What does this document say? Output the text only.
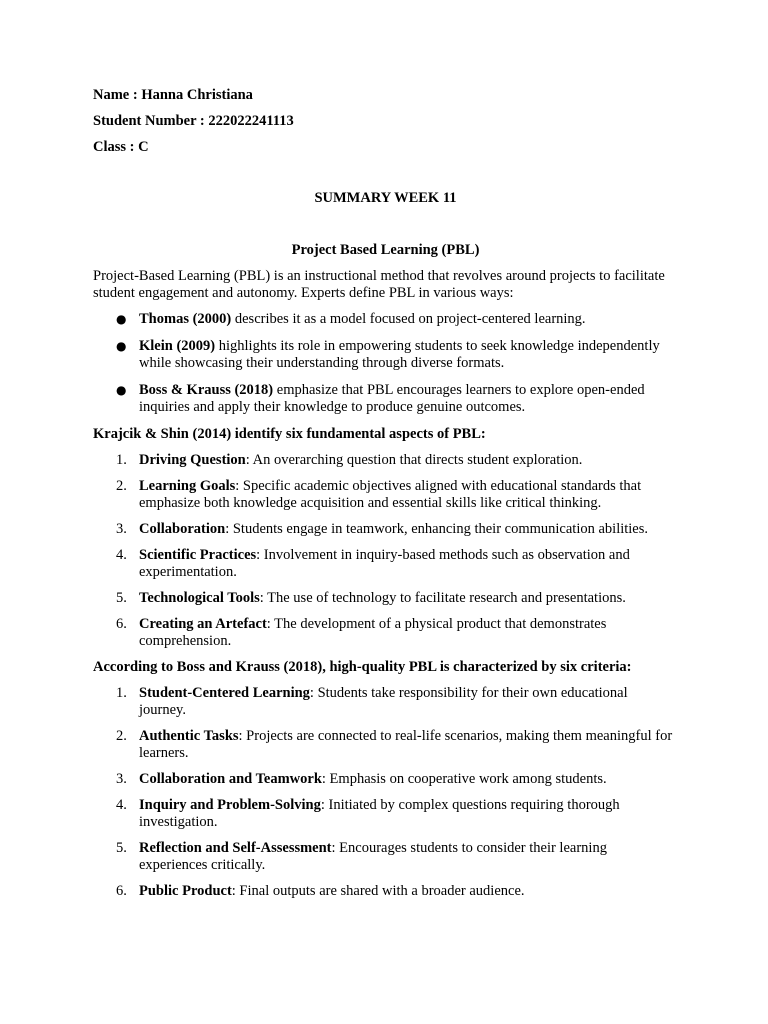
Name : Hanna Christiana
Student Number : 222022241113
Class : C
SUMMARY WEEK 11
Project Based Learning (PBL)

Project-Based Learning (PBL) is an instructional method that revolves around projects to facilitate student engagement and autonomy. Experts define PBL in various ways:

● Thomas (2000) describes it as a model focused on project-centered learning.
● Klein (2009) highlights its role in empowering students to seek knowledge independently while showcasing their understanding through diverse formats.
● Boss & Krauss (2018) emphasize that PBL encourages learners to explore open-ended inquiries and apply their knowledge to produce genuine outcomes.

Krajcik & Shin (2014) identify six fundamental aspects of PBL:

1. Driving Question: An overarching question that directs student exploration.
2. Learning Goals: Specific academic objectives aligned with educational standards that emphasize both knowledge acquisition and essential skills like critical thinking.
3. Collaboration: Students engage in teamwork, enhancing their communication abilities.
4. Scientific Practices: Involvement in inquiry-based methods such as observation and experimentation.
5. Technological Tools: The use of technology to facilitate research and presentations.
6. Creating an Artefact: The development of a physical product that demonstrates comprehension.

According to Boss and Krauss (2018), high-quality PBL is characterized by six criteria:

1. Student-Centered Learning: Students take responsibility for their own educational journey.
2. Authentic Tasks: Projects are connected to real-life scenarios, making them meaningful for learners.
3. Collaboration and Teamwork: Emphasis on cooperative work among students.
4. Inquiry and Problem-Solving: Initiated by complex questions requiring thorough investigation.
5. Reflection and Self-Assessment: Encourages students to consider their learning experiences critically.
6. Public Product: Final outputs are shared with a broader audience.
